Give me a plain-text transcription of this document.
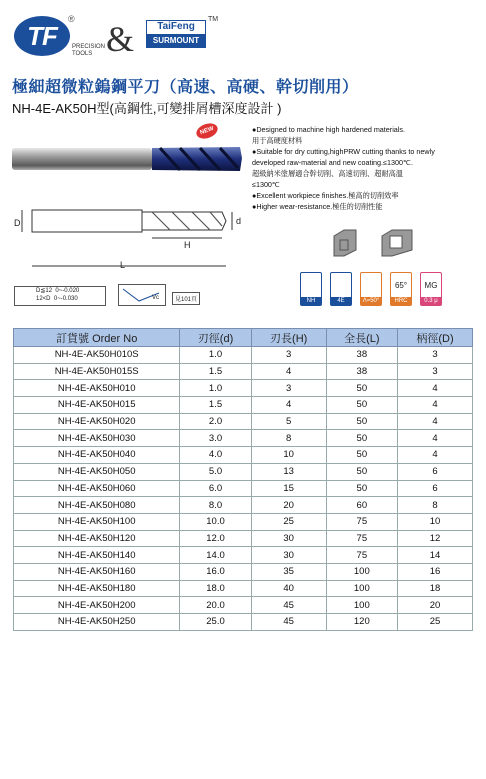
TF
®
PRECISION
TOOLS &	TaiFeng
SURMOUNT
TM
極細超微粒鎢鋼平刀（高速、高硬、幹切削用）
NH-4E-AK50H型(高鋼性,可變排屑槽深度設計 )
NEW
D	d
H
L
D≦12 0~-0.020
12<D 0~-0.030	Vc	見101頁
●Designed to machine high hardened materials.
用于高硬度材料
●Suitable for dry cutting,highPRW cutting thanks to newly
developed raw-material and new coating.≤1300℃.
超級納米塗層適合幹切削、高速切削、超耐高溫
≤1300℃
●Excellent workpiece finishes.極高的切削效率
●Higher wear-resistance.極佳的切削性能
NH	4E	Λ=50°
65°
HRC
MG
0.3 μ
訂貨號 Order No	刃徑(d)	刃長(H)	全長(L)	柄徑(D)
NH-4E-AK50H010S	1.0	3	38	3
NH-4E-AK50H015S	1.5	4	38	3
NH-4E-AK50H010	1.0	3	50	4
NH-4E-AK50H015	1.5	4	50	4
NH-4E-AK50H020	2.0	5	50	4
NH-4E-AK50H030	3.0	8	50	4
NH-4E-AK50H040	4.0	10	50	4
NH-4E-AK50H050	5.0	13	50	6
NH-4E-AK50H060	6.0	15	50	6
NH-4E-AK50H080	8.0	20	60	8
NH-4E-AK50H100	10.0	25	75	10
NH-4E-AK50H120	12.0	30	75	12
NH-4E-AK50H140	14.0	30	75	14
NH-4E-AK50H160	16.0	35	100	16
NH-4E-AK50H180	18.0	40	100	18
NH-4E-AK50H200	20.0	45	100	20
NH-4E-AK50H250	25.0	45	120	25
